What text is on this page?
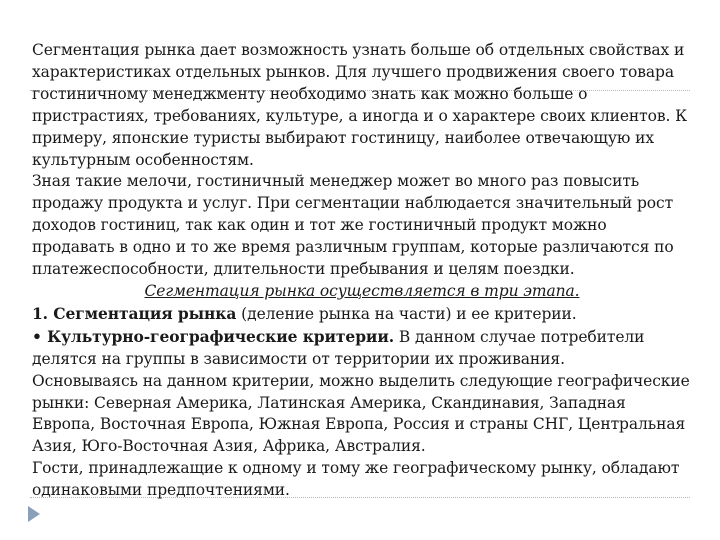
Сегментация рынка дает возможность узнать больше об отдельных свойствах и характеристиках отдельных рынков. Для лучшего продвижения своего товара гостиничному менеджменту необходимо знать как можно больше о пристрастиях, требованиях, культуре, а иногда и о характере своих клиентов. К примеру, японские туристы выбирают гостиницу, наиболее отвечающую их культурным особенностям.

Зная такие мелочи, гостиничный менеджер может во много раз повысить продажу продукта и услуг. При сегментации наблюдается значительный рост доходов гостиниц, так как один и тот же гостиничный продукт можно продавать в одно и то же время различным группам, которые различаются по платежеспособности, длительности пребывания и целям поездки.

Сегментация рынка осуществляется в три этапа.

1. Сегментация рынка (деление рынка на части) и ее критерии.

• Культурно-географические критерии. В данном случае потребители делятся на группы в зависимости от территории их проживания.

Основываясь на данном критерии, можно выделить следующие географические рынки: Северная Америка, Латинская Америка, Скандинавия, Западная Европа, Восточная Европа, Южная Европа, Россия и страны СНГ, Центральная Азия, Юго-Восточная Азия, Африка, Австралия.

Гости, принадлежащие к одному и тому же географическому рынку, обладают одинаковыми предпочтениями.
